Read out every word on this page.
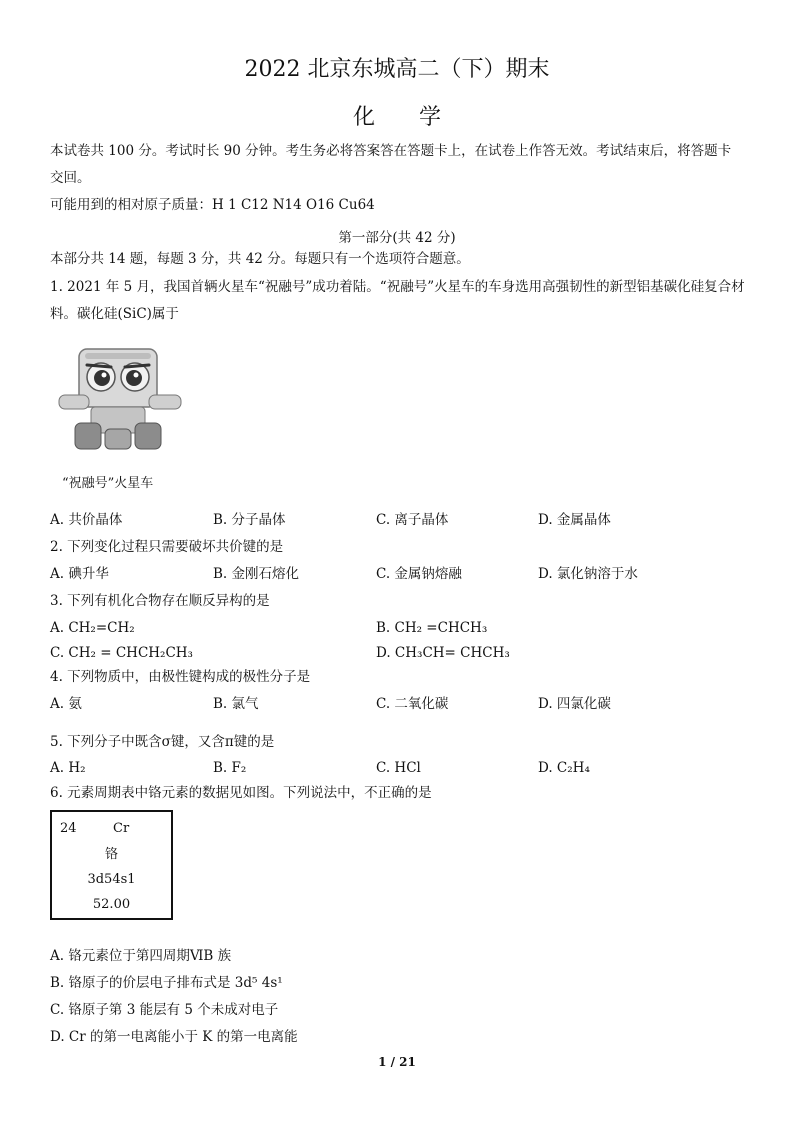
2022 北京东城高二（下）期末
化　　学
本试卷共 100 分。考试时长 90 分钟。考生务必将答案答在答题卡上，在试卷上作答无效。考试结束后，将答题卡
交回。
可能用到的相对原子质量：H 1 C12 N14 O16 Cu64
第一部分(共 42 分)
本部分共 14 题，每题 3 分，共 42 分。每题只有一个选项符合题意。
1. 2021 年 5 月，我国首辆火星车“祝融号”成功着陆。“祝融号”火星车的车身选用高强韧性的新型铝基碳化硅复合材
料。碳化硅(SiC)属于
“祝融号”火星车
A. 共价晶体	B. 分子晶体	C. 离子晶体	D. 金属晶体
2. 下列变化过程只需要破坏共价键的是
A. 碘升华	B. 金刚石熔化	C. 金属钠熔融	D. 氯化钠溶于水
3. 下列有机化合物存在顺反异构的是
A. CH₂=CH₂	B. CH₂ =CHCH₃
C. CH₂ = CHCH₂CH₃	D. CH₃CH= CHCH₃
4. 下列物质中，由极性键构成的极性分子是
A. 氨	B. 氯气	C. 二氧化碳	D. 四氯化碳
5. 下列分子中既含σ键，又含π键的是
A. H₂	B. F₂	C. HCl	D. C₂H₄
6. 元素周期表中铬元素的数据见如图。下列说法中，不正确的是
24	Cr
铬
3d54s1
52.00
A. 铬元素位于第四周期ⅥB 族
B. 铬原子的价层电子排布式是 3d⁵ 4s¹
C. 铬原子第 3 能层有 5 个未成对电子
D. Cr 的第一电离能小于 K 的第一电离能
1 / 21
